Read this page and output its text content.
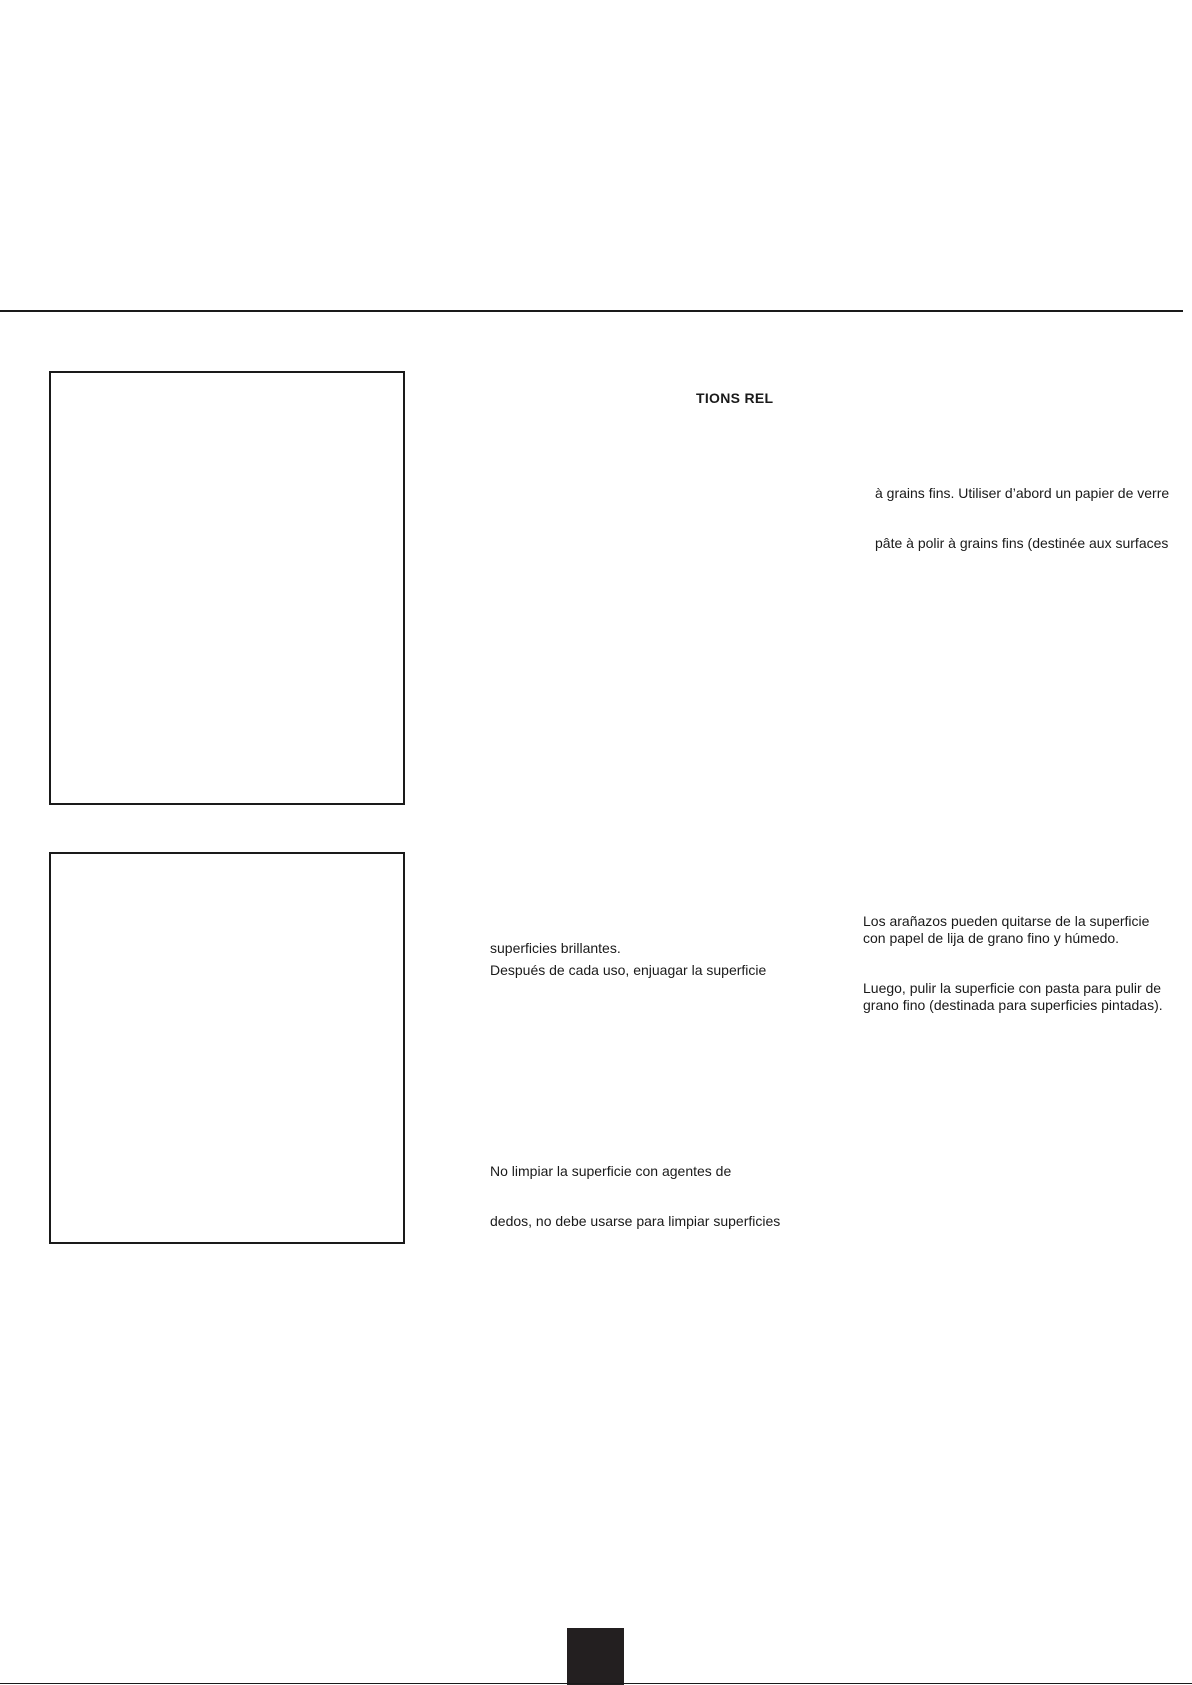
TIONS REL
à grains fins. Utiliser d’abord un papier de verre
pâte à polir à grains fins (destinée aux surfaces
superficies brillantes.
Después de cada uso, enjuagar la superficie
No limpiar la superficie con agentes de
dedos, no debe usarse para limpiar superficies
Los arañazos pueden quitarse de la superficie
con papel de lija de grano fino y húmedo.
Luego, pulir la superficie con pasta para pulir de
grano fino (destinada para superficies pintadas).
